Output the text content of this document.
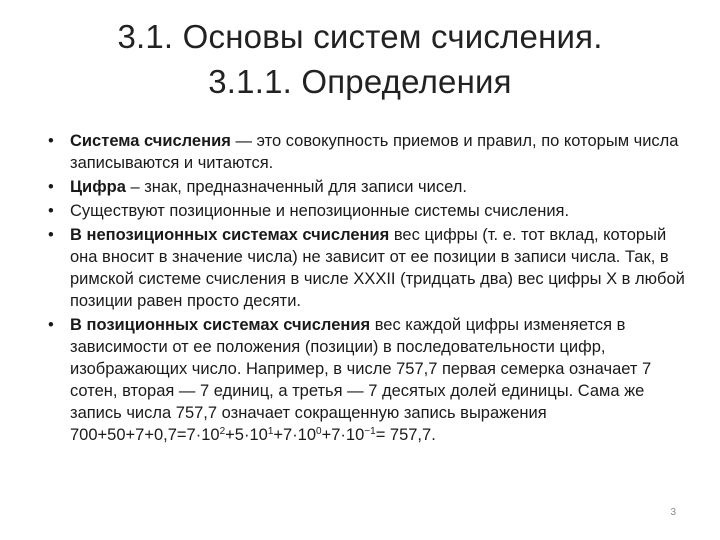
3.1. Основы систем счисления.
3.1.1. Определения
• Система счисления — это совокупность приемов и правил, по которым числа записываются и читаются.
• Цифра – знак, предназначенный для записи чисел.
• Существуют позиционные и непозиционные системы счисления.
• В непозиционных системах счисления вес цифры (т. е. тот вклад, который она вносит в значение числа) не зависит от ее позиции в записи числа. Так, в римской системе счисления в числе XXXII (тридцать два) вес цифры X в любой позиции равен просто десяти.
• В позиционных системах счисления вес каждой цифры изменяется в зависимости от ее положения (позиции) в последовательности цифр, изображающих число. Например, в числе 757,7 первая семерка означает 7 сотен, вторая — 7 единиц, а третья — 7 десятых долей единицы. Сама же запись числа 757,7 означает сокращенную запись выражения $700+50+7+0,7=7\cdot 10^2+5\cdot 10^1+7\cdot 10^0+7\cdot 10^{-1}= 757,7$.
3
